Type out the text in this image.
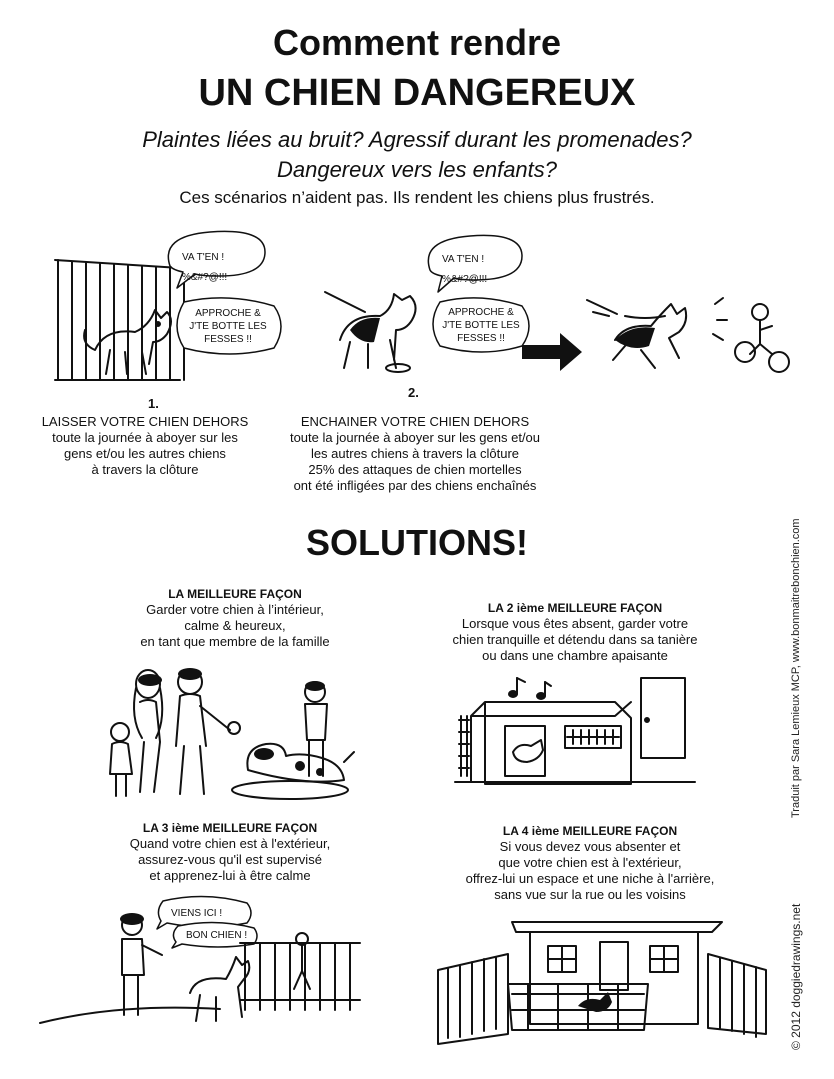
Comment rendre
UN CHIEN DANGEREUX
Plaintes liées au bruit? Agressif durant les promenades?
Dangereux vers les enfants?
Ces scénarios n’aident pas. Ils rendent les chiens plus frustrés.
VA T'EN !
%&#?@!!!
APPROCHE &
J'TE BOTTE LES
FESSES !!
VA T'EN !
%&#?@!!!
APPROCHE &
J'TE BOTTE LES
FESSES !!
1.
LAISSER VOTRE CHIEN DEHORS
toute la journée à aboyer sur les
gens et/ou les autres chiens
à travers la clôture
2.
ENCHAINER VOTRE CHIEN DEHORS
toute la journée à aboyer sur les gens et/ou
les autres chiens à travers la clôture
25% des attaques de chien mortelles
ont été infligées par des chiens enchaînés
SOLUTIONS!
LA MEILLEURE FAÇON
Garder votre chien à l’intérieur,
calme & heureux,
en tant que membre de la famille
LA 2 ième MEILLEURE FAÇON
Lorsque vous êtes absent, garder votre
chien tranquille et détendu dans sa tanière
ou dans une chambre apaisante
LA 3 ième MEILLEURE FAÇON
Quand votre chien est à l'extérieur,
assurez-vous qu'il est supervisé
et apprenez-lui à être calme
VIENS ICI !
BON CHIEN !
LA 4 ième MEILLEURE FAÇON
Si vous devez vous absenter et
que votre chien est à l'extérieur,
offrez-lui un espace et une niche à l'arrière,
sans vue sur la rue ou les voisins
Traduit par Sara Lemieux MCP, www.bonmaitrebonchien.com
© 2012 doggiedrawings.net
